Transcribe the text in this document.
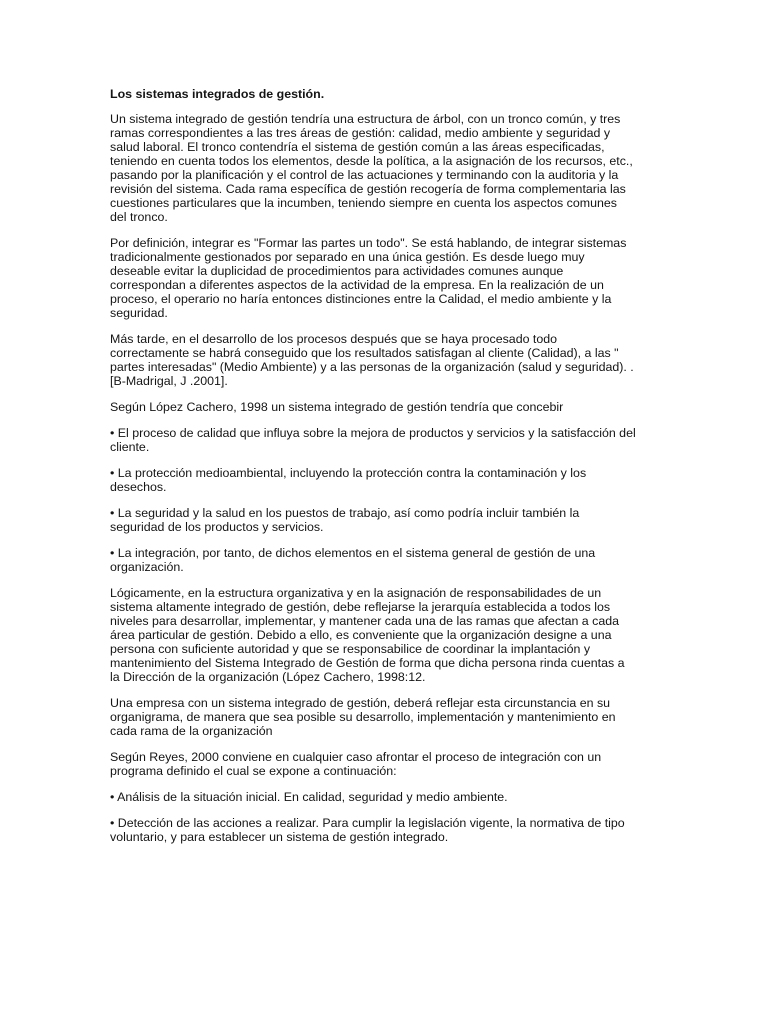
Los sistemas integrados de gestión.

Un sistema integrado de gestión tendría una estructura de árbol, con un tronco común, y tres
ramas correspondientes a las tres áreas de gestión: calidad, medio ambiente y seguridad y
salud laboral. El tronco contendría el sistema de gestión común a las áreas especificadas,
teniendo en cuenta todos los elementos, desde la política, a la asignación de los recursos, etc.,
pasando por la planificación y el control de las actuaciones y terminando con la auditoria y la
revisión del sistema. Cada rama específica de gestión recogería de forma complementaria las
cuestiones particulares que la incumben, teniendo siempre en cuenta los aspectos comunes
del tronco.

Por definición, integrar es "Formar las partes un todo". Se está hablando, de integrar sistemas
tradicionalmente gestionados por separado en una única gestión. Es desde luego muy
deseable evitar la duplicidad de procedimientos para actividades comunes aunque
correspondan a diferentes aspectos de la actividad de la empresa. En la realización de un
proceso, el operario no haría entonces distinciones entre la Calidad, el medio ambiente y la
seguridad.

Más tarde, en el desarrollo de los procesos después que se haya procesado todo
correctamente se habrá conseguido que los resultados satisfagan al cliente (Calidad), a las "
partes interesadas" (Medio Ambiente) y a las personas de la organización (salud y seguridad). .
[B-Madrigal, J .2001].

Según López Cachero, 1998 un sistema integrado de gestión tendría que concebir

• El proceso de calidad que influya sobre la mejora de productos y servicios y la satisfacción del
cliente.

• La protección medioambiental, incluyendo la protección contra la contaminación y los
desechos.

• La seguridad y la salud en los puestos de trabajo, así como podría incluir también la
seguridad de los productos y servicios.

• La integración, por tanto, de dichos elementos en el sistema general de gestión de una
organización.

Lógicamente, en la estructura organizativa y en la asignación de responsabilidades de un
sistema altamente integrado de gestión, debe reflejarse la jerarquía establecida a todos los
niveles para desarrollar, implementar, y mantener cada una de las ramas que afectan a cada
área particular de gestión. Debido a ello, es conveniente que la organización designe a una
persona con suficiente autoridad y que se responsabilice de coordinar la implantación y
mantenimiento del Sistema Integrado de Gestión de forma que dicha persona rinda cuentas a
la Dirección de la organización (López Cachero, 1998:12.

Una empresa con un sistema integrado de gestión, deberá reflejar esta circunstancia en su
organigrama, de manera que sea posible su desarrollo, implementación y mantenimiento en
cada rama de la organización

Según Reyes, 2000 conviene en cualquier caso afrontar el proceso de integración con un
programa definido el cual se expone a continuación:

• Análisis de la situación inicial. En calidad, seguridad y medio ambiente.

• Detección de las acciones a realizar. Para cumplir la legislación vigente, la normativa de tipo
voluntario, y para establecer un sistema de gestión integrado.
